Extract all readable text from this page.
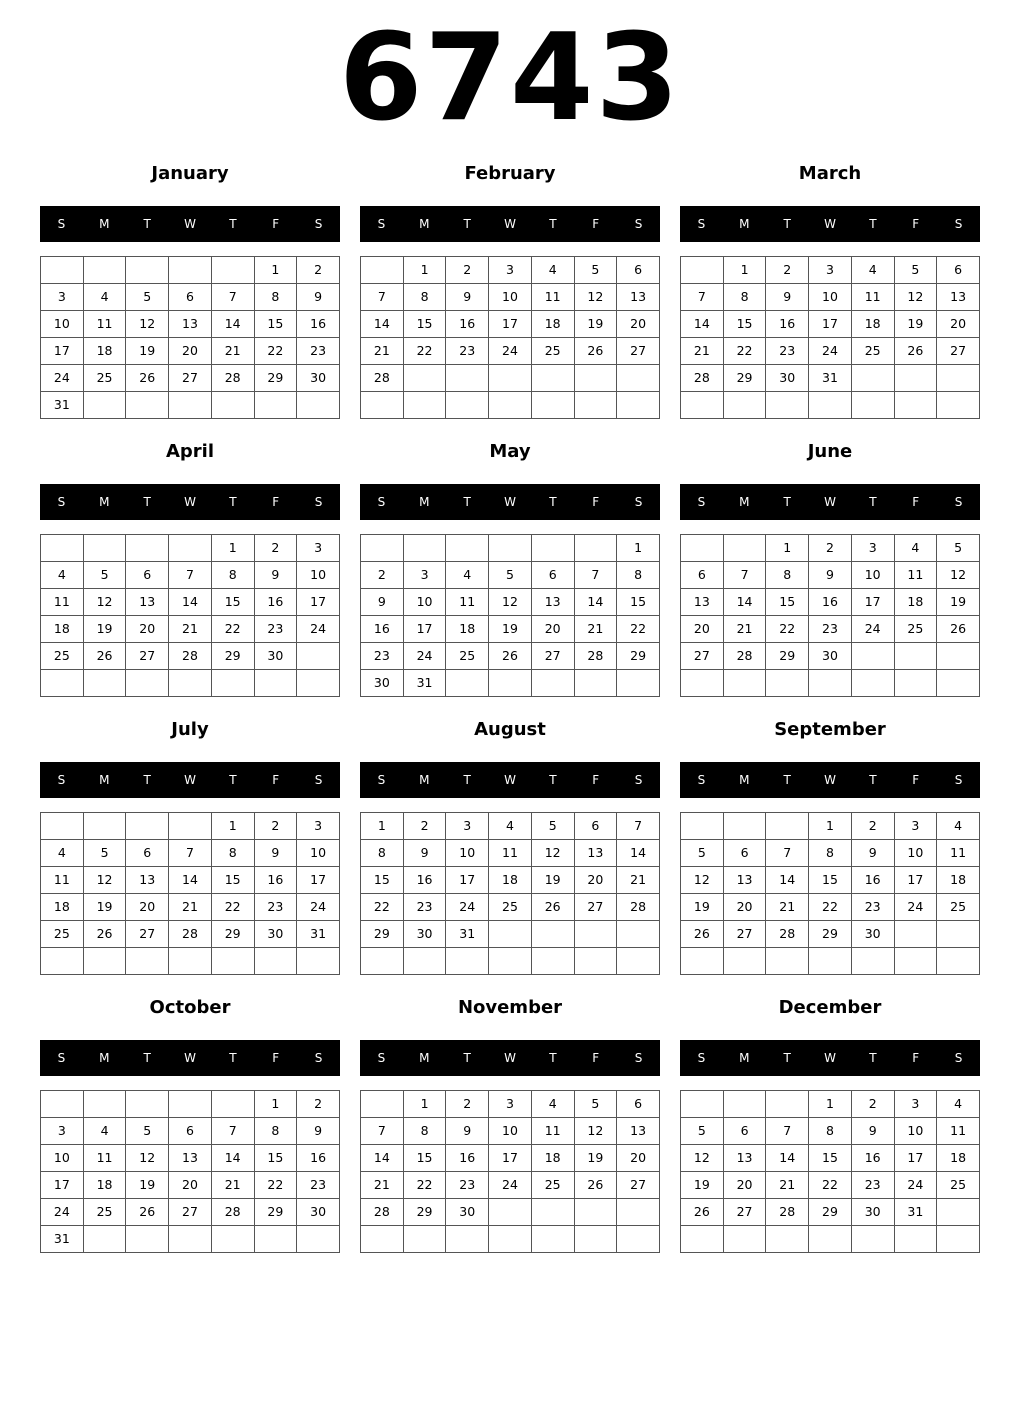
6743
January
S	M	T	W	T	F	S
					1	2
3	4	5	6	7	8	9
10	11	12	13	14	15	16
17	18	19	20	21	22	23
24	25	26	27	28	29	30
31						
February
S	M	T	W	T	F	S
	1	2	3	4	5	6
7	8	9	10	11	12	13
14	15	16	17	18	19	20
21	22	23	24	25	26	27
28						

March
S	M	T	W	T	F	S
	1	2	3	4	5	6
7	8	9	10	11	12	13
14	15	16	17	18	19	20
21	22	23	24	25	26	27
28	29	30	31			

April
S	M	T	W	T	F	S
				1	2	3
4	5	6	7	8	9	10
11	12	13	14	15	16	17
18	19	20	21	22	23	24
25	26	27	28	29	30	

May
S	M	T	W	T	F	S
						1
2	3	4	5	6	7	8
9	10	11	12	13	14	15
16	17	18	19	20	21	22
23	24	25	26	27	28	29
30	31					
June
S	M	T	W	T	F	S
		1	2	3	4	5
6	7	8	9	10	11	12
13	14	15	16	17	18	19
20	21	22	23	24	25	26
27	28	29	30			

July
S	M	T	W	T	F	S
				1	2	3
4	5	6	7	8	9	10
11	12	13	14	15	16	17
18	19	20	21	22	23	24
25	26	27	28	29	30	31

August
S	M	T	W	T	F	S
1	2	3	4	5	6	7
8	9	10	11	12	13	14
15	16	17	18	19	20	21
22	23	24	25	26	27	28
29	30	31				

September
S	M	T	W	T	F	S
			1	2	3	4
5	6	7	8	9	10	11
12	13	14	15	16	17	18
19	20	21	22	23	24	25
26	27	28	29	30		

October
S	M	T	W	T	F	S
					1	2
3	4	5	6	7	8	9
10	11	12	13	14	15	16
17	18	19	20	21	22	23
24	25	26	27	28	29	30
31						
November
S	M	T	W	T	F	S
	1	2	3	4	5	6
7	8	9	10	11	12	13
14	15	16	17	18	19	20
21	22	23	24	25	26	27
28	29	30				

December
S	M	T	W	T	F	S
			1	2	3	4
5	6	7	8	9	10	11
12	13	14	15	16	17	18
19	20	21	22	23	24	25
26	27	28	29	30	31	
